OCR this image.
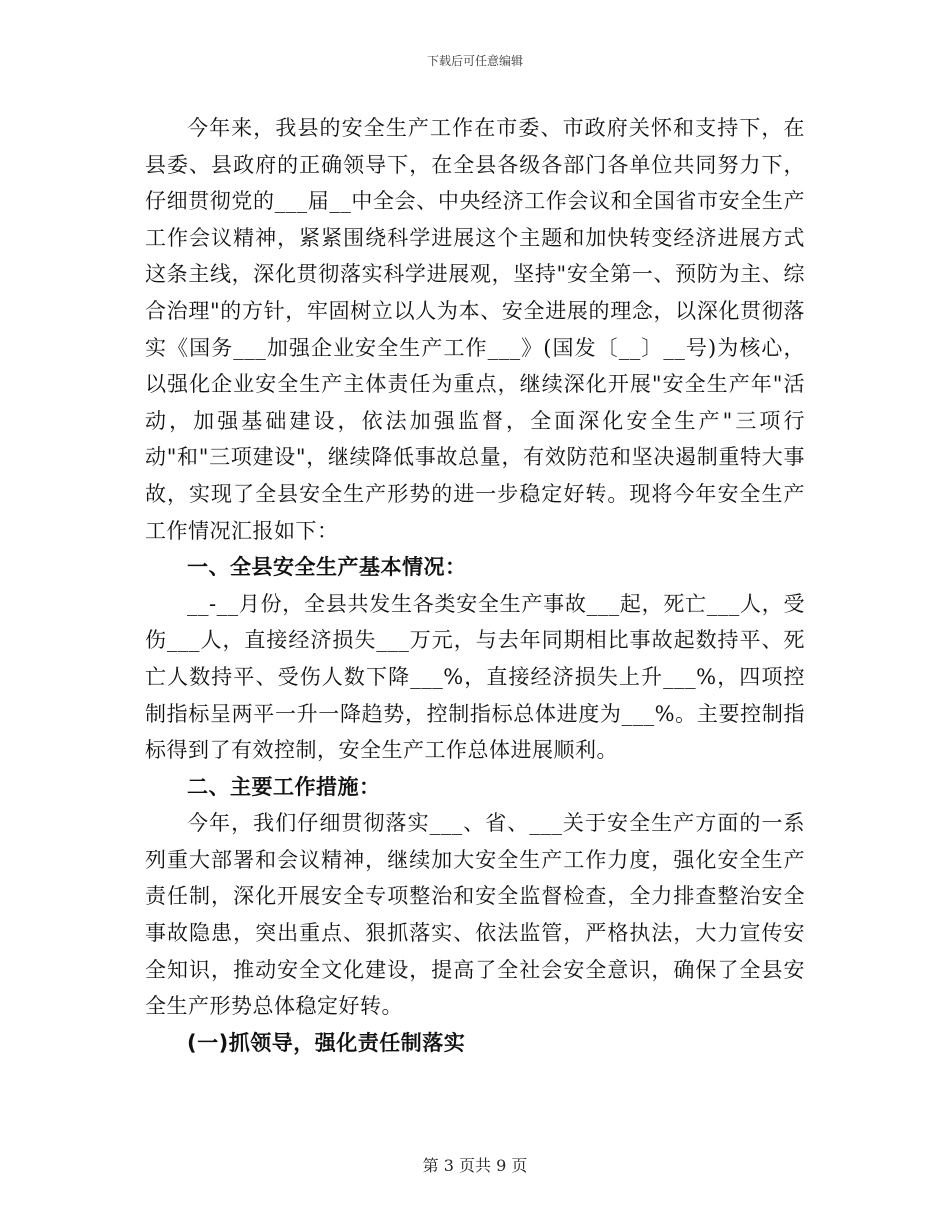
下载后可任意编辑

今年来，我县的安全生产工作在市委、市政府关怀和支持下，在县委、县政府的正确领导下，在全县各级各部门各单位共同努力下，仔细贯彻党的___届__中全会、中央经济工作会议和全国省市安全生产工作会议精神，紧紧围绕科学进展这个主题和加快转变经济进展方式这条主线，深化贯彻落实科学进展观，坚持"安全第一、预防为主、综合治理"的方针，牢固树立以人为本、安全进展的理念，以深化贯彻落实《国务___加强企业安全生产工作___》(国发〔__〕__号)为核心，以强化企业安全生产主体责任为重点，继续深化开展"安全生产年"活动，加强基础建设，依法加强监督，全面深化安全生产"三项行动"和"三项建设"，继续降低事故总量，有效防范和坚决遏制重特大事故，实现了全县安全生产形势的进一步稳定好转。现将今年安全生产工作情况汇报如下：

一、全县安全生产基本情况：

__-__月份，全县共发生各类安全生产事故___起，死亡___人，受伤___人，直接经济损失___万元，与去年同期相比事故起数持平、死亡人数持平、受伤人数下降___%，直接经济损失上升___%，四项控制指标呈两平一升一降趋势，控制指标总体进度为___%。主要控制指标得到了有效控制，安全生产工作总体进展顺利。

二、主要工作措施：

今年，我们仔细贯彻落实___、省、___关于安全生产方面的一系列重大部署和会议精神，继续加大安全生产工作力度，强化安全生产责任制，深化开展安全专项整治和安全监督检查，全力排查整治安全事故隐患，突出重点、狠抓落实、依法监管，严格执法，大力宣传安全知识，推动安全文化建设，提高了全社会安全意识，确保了全县安全生产形势总体稳定好转。

(一)抓领导，强化责任制落实

第 3 页共 9 页
